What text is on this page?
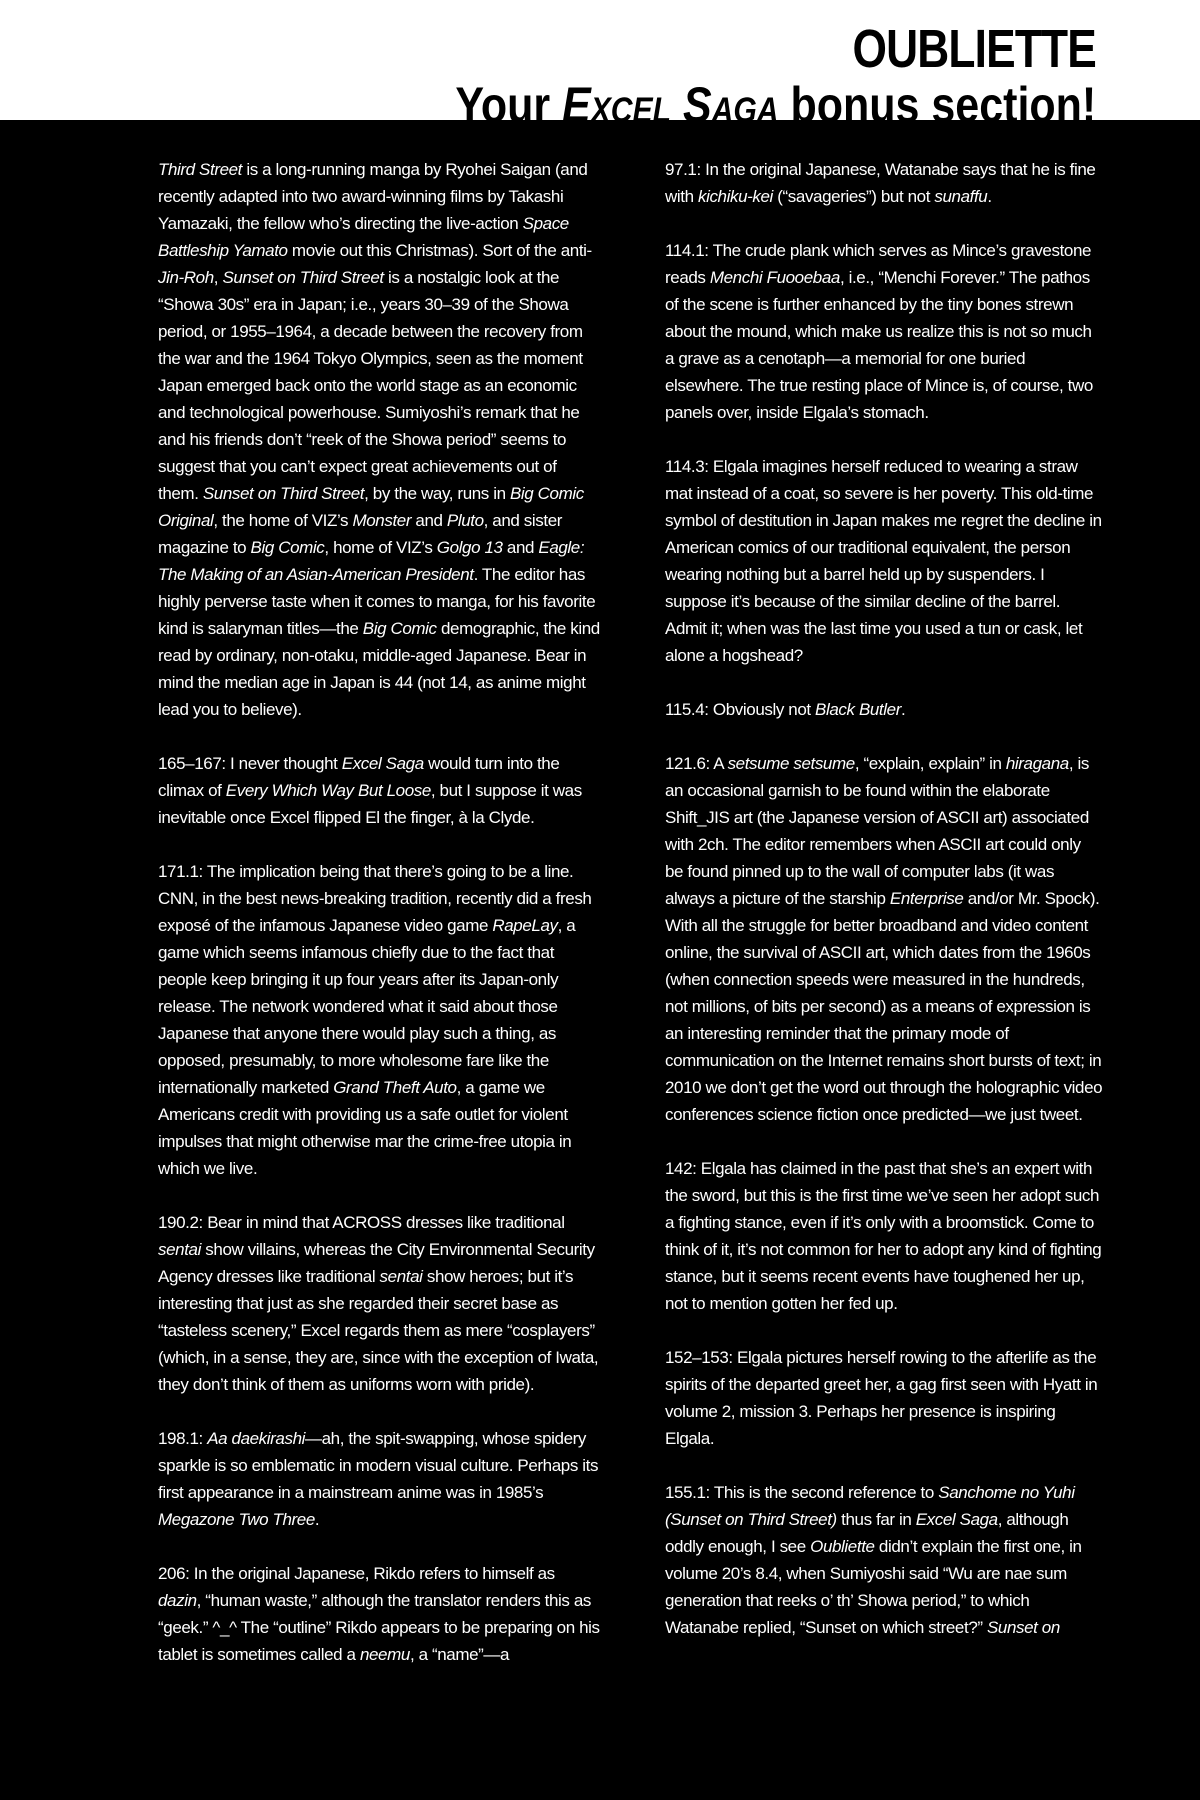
OUBLIETTE
Your Excel Saga bonus section!

Third Street is a long-running manga by Ryohei Saigan (and recently adapted into two award-winning films by Takashi Yamazaki, the fellow who’s directing the live-action Space Battleship Yamato movie out this Christmas). Sort of the anti-Jin-Roh, Sunset on Third Street is a nostalgic look at the “Showa 30s” era in Japan; i.e., years 30–39 of the Showa period, or 1955–1964, a decade between the recovery from the war and the 1964 Tokyo Olympics, seen as the moment Japan emerged back onto the world stage as an economic and technological powerhouse. Sumiyoshi’s remark that he and his friends don’t “reek of the Showa period” seems to suggest that you can’t expect great achievements out of them. Sunset on Third Street, by the way, runs in Big Comic Original, the home of VIZ’s Monster and Pluto, and sister magazine to Big Comic, home of VIZ’s Golgo 13 and Eagle: The Making of an Asian-American President. The editor has highly perverse taste when it comes to manga, for his favorite kind is salaryman titles—the Big Comic demographic, the kind read by ordinary, non-otaku, middle-aged Japanese. Bear in mind the median age in Japan is 44 (not 14, as anime might lead you to believe).

165–167: I never thought Excel Saga would turn into the climax of Every Which Way But Loose, but I suppose it was inevitable once Excel flipped El the finger, à la Clyde.

171.1: The implication being that there’s going to be a line. CNN, in the best news-breaking tradition, recently did a fresh exposé of the infamous Japanese video game RapeLay, a game which seems infamous chiefly due to the fact that people keep bringing it up four years after its Japan-only release. The network wondered what it said about those Japanese that anyone there would play such a thing, as opposed, presumably, to more wholesome fare like the internationally marketed Grand Theft Auto, a game we Americans credit with providing us a safe outlet for violent impulses that might otherwise mar the crime-free utopia in which we live.

190.2: Bear in mind that ACROSS dresses like traditional sentai show villains, whereas the City Environmental Security Agency dresses like traditional sentai show heroes; but it’s interesting that just as she regarded their secret base as “tasteless scenery,” Excel regards them as mere “cosplayers” (which, in a sense, they are, since with the exception of Iwata, they don’t think of them as uniforms worn with pride).

198.1: Aa daekirashi—ah, the spit-swapping, whose spidery sparkle is so emblematic in modern visual culture. Perhaps its first appearance in a mainstream anime was in 1985’s Megazone Two Three.

206: In the original Japanese, Rikdo refers to himself as dazin, “human waste,” although the translator renders this as “geek.” ^_^ The “outline” Rikdo appears to be preparing on his tablet is sometimes called a neemu, a “name”—a

97.1: In the original Japanese, Watanabe says that he is fine with kichiku-kei (“savageries”) but not sunaffu.

114.1: The crude plank which serves as Mince’s gravestone reads Menchi Fuooebaa, i.e., “Menchi Forever.” The pathos of the scene is further enhanced by the tiny bones strewn about the mound, which make us realize this is not so much a grave as a cenotaph—a memorial for one buried elsewhere. The true resting place of Mince is, of course, two panels over, inside Elgala’s stomach.

114.3: Elgala imagines herself reduced to wearing a straw mat instead of a coat, so severe is her poverty. This old-time symbol of destitution in Japan makes me regret the decline in American comics of our traditional equivalent, the person wearing nothing but a barrel held up by suspenders. I suppose it’s because of the similar decline of the barrel. Admit it; when was the last time you used a tun or cask, let alone a hogshead?

115.4: Obviously not Black Butler.

121.6: A setsume setsume, “explain, explain” in hiragana, is an occasional garnish to be found within the elaborate Shift_JIS art (the Japanese version of ASCII art) associated with 2ch. The editor remembers when ASCII art could only be found pinned up to the wall of computer labs (it was always a picture of the starship Enterprise and/or Mr. Spock). With all the struggle for better broadband and video content online, the survival of ASCII art, which dates from the 1960s (when connection speeds were measured in the hundreds, not millions, of bits per second) as a means of expression is an interesting reminder that the primary mode of communication on the Internet remains short bursts of text; in 2010 we don’t get the word out through the holographic video conferences science fiction once predicted—we just tweet.

142: Elgala has claimed in the past that she’s an expert with the sword, but this is the first time we’ve seen her adopt such a fighting stance, even if it’s only with a broomstick. Come to think of it, it’s not common for her to adopt any kind of fighting stance, but it seems recent events have toughened her up, not to mention gotten her fed up.

152–153: Elgala pictures herself rowing to the afterlife as the spirits of the departed greet her, a gag first seen with Hyatt in volume 2, mission 3. Perhaps her presence is inspiring Elgala.

155.1: This is the second reference to Sanchome no Yuhi (Sunset on Third Street) thus far in Excel Saga, although oddly enough, I see Oubliette didn’t explain the first one, in volume 20’s 8.4, when Sumiyoshi said “Wu are nae sum generation that reeks o’ th’ Showa period,” to which Watanabe replied, “Sunset on which street?” Sunset on
